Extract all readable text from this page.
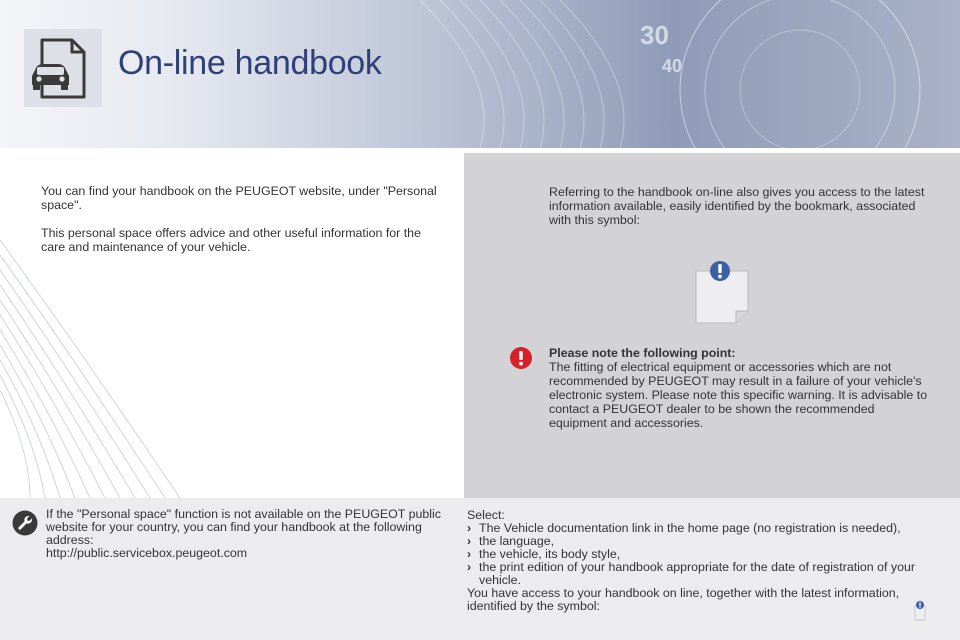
30
40
On-line handbook

You can find your handbook on the PEUGEOT website, under "Personal space".

This personal space offers advice and other useful information for the care and maintenance of your vehicle.

Referring to the handbook on-line also gives you access to the latest information available, easily identified by the bookmark, associated with this symbol:
Please note the following point:
The fitting of electrical equipment or accessories which are not recommended by PEUGEOT may result in a failure of your vehicle's electronic system. Please note this specific warning. It is advisable to contact a PEUGEOT dealer to be shown the recommended equipment and accessories.
If the "Personal space" function is not available on the PEUGEOT public website for your country, you can find your handbook at the following address:
http://public.servicebox.peugeot.com
Select:
› The Vehicle documentation link in the home page (no registration is needed),
› the language,
› the vehicle, its body style,
› the print edition of your handbook appropriate for the date of registration of your vehicle.
You have access to your handbook on line, together with the latest information, identified by the symbol:
